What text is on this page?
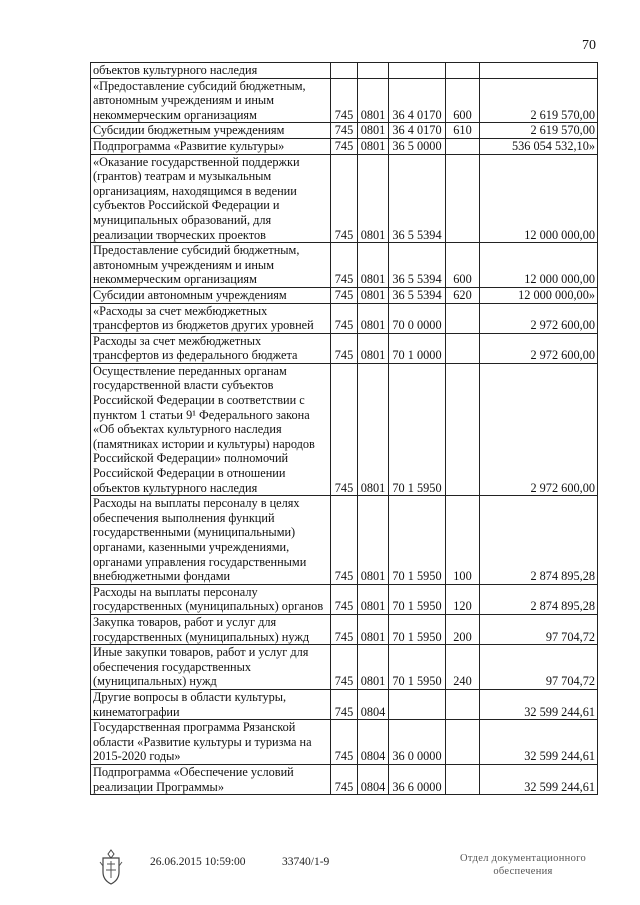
70
объектов культурного наследия					
«Предоставление субсидий бюджетным, автономным учреждениям и иным некоммерческим организациям	745	0801	36 4 0170	600	2 619 570,00
Субсидии бюджетным учреждениям	745	0801	36 4 0170	610	2 619 570,00
Подпрограмма «Развитие культуры»	745	0801	36 5 0000		536 054 532,10»
«Оказание государственной поддержки (грантов) театрам и музыкальным организациям, находящимся в ведении субъектов Российской Федерации и муниципальных образований, для реализации творческих проектов	745	0801	36 5 5394		12 000 000,00
Предоставление субсидий бюджетным, автономным учреждениям и иным некоммерческим организациям	745	0801	36 5 5394	600	12 000 000,00
Субсидии автономным учреждениям	745	0801	36 5 5394	620	12 000 000,00»
«Расходы за счет межбюджетных трансфертов из бюджетов других уровней	745	0801	70 0 0000		2 972 600,00
Расходы за счет межбюджетных трансфертов из федерального бюджета	745	0801	70 1 0000		2 972 600,00
Осуществление переданных органам государственной власти субъектов Российской Федерации в соответствии с пунктом 1 статьи 9¹ Федерального закона «Об объектах культурного наследия (памятниках истории и культуры) народов Российской Федерации» полномочий Российской Федерации в отношении объектов культурного наследия	745	0801	70 1 5950		2 972 600,00
Расходы на выплаты персоналу в целях обеспечения выполнения функций государственными (муниципальными) органами, казенными учреждениями, органами управления государственными внебюджетными фондами	745	0801	70 1 5950	100	2 874 895,28
Расходы на выплаты персоналу государственных (муниципальных) органов	745	0801	70 1 5950	120	2 874 895,28
Закупка товаров, работ и услуг для государственных (муниципальных) нужд	745	0801	70 1 5950	200	97 704,72
Иные закупки товаров, работ и услуг для обеспечения государственных (муниципальных) нужд	745	0801	70 1 5950	240	97 704,72
Другие вопросы в области культуры, кинематографии	745	0804			32 599 244,61
Государственная программа Рязанской области «Развитие культуры и туризма на 2015-2020 годы»	745	0804	36 0 0000		32 599 244,61
Подпрограмма «Обеспечение условий реализации Программы»	745	0804	36 6 0000		32 599 244,61
26.06.2015 10:59:00	33740/1-9	Отдел документационного
обеспечения
